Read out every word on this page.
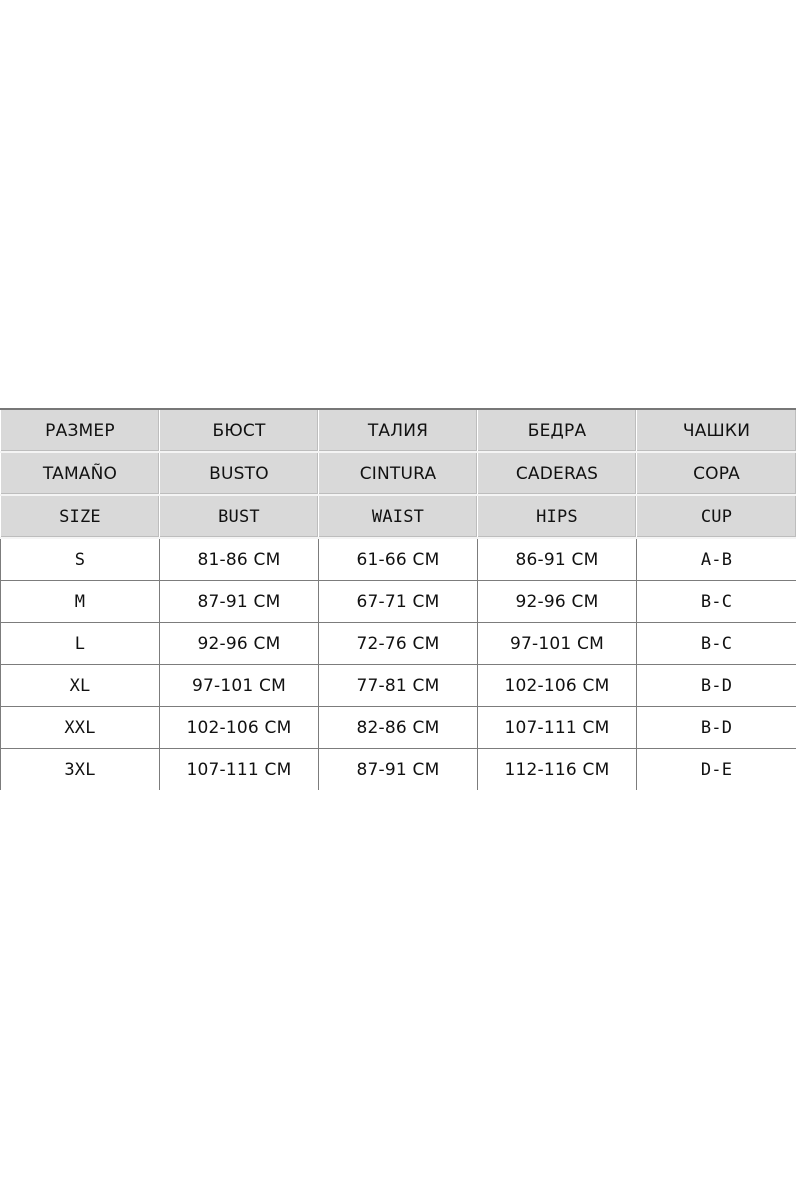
РАЗМЕР	БЮСТ	ТАЛИЯ	БЕДРА	ЧАШКИ
TAMAÑO	BUSTO	CINTURA	CADERAS	COPA
SIZE	BUST	WAIST	HIPS	CUP
S	81-86 CM	61-66 CM	86-91 CM	A-B
M	87-91 CM	67-71 CM	92-96 CM	B-C
L	92-96 CM	72-76 CM	97-101 CM	B-C
XL	97-101 CM	77-81 CM	102-106 CM	B-D
XXL	102-106 CM	82-86 CM	107-111 CM	B-D
3XL	107-111 CM	87-91 CM	112-116 CM	D-E
